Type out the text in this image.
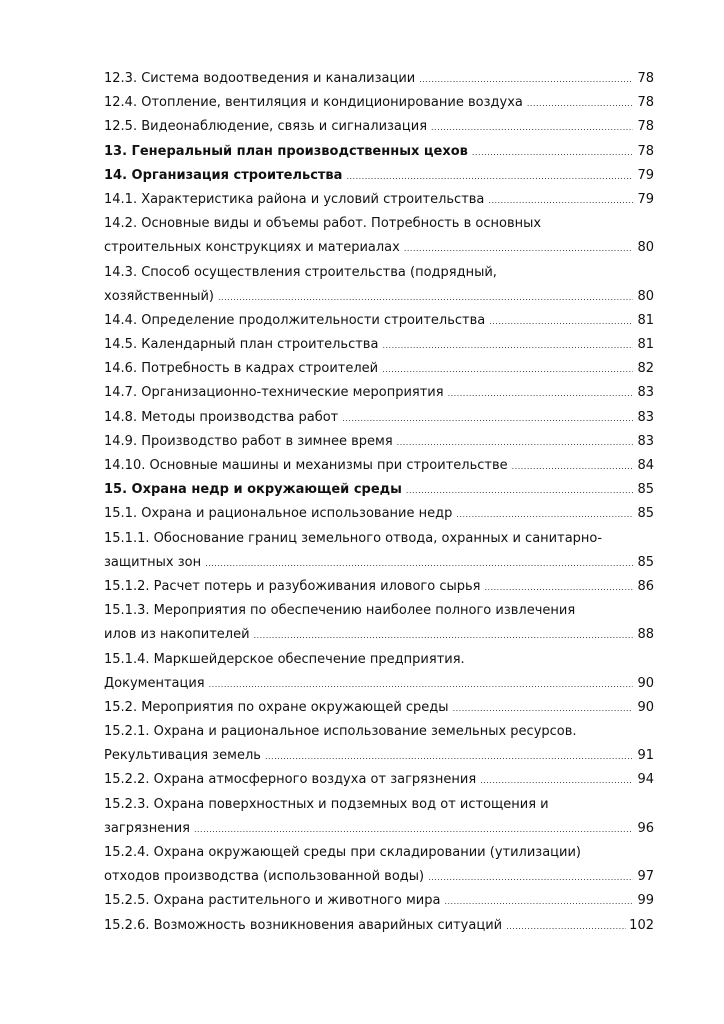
12.3. Система водоотведения и канализации .....	78
12.4. Отопление, вентиляция и кондиционирование воздуха .....	78
12.5. Видеонаблюдение, связь и сигнализация .....	78
13. Генеральный план производственных цехов .....	78
14. Организация строительства .....	79
14.1. Характеристика района и условий строительства .....	79
14.2. Основные виды и объемы работ. Потребность в основных
строительных конструкциях и материалах .....	80
14.3. Способ осуществления строительства (подрядный,
хозяйственный) .....	80
14.4. Определение продолжительности строительства .....	81
14.5. Календарный план строительства .....	81
14.6. Потребность в кадрах строителей .....	82
14.7. Организационно-технические мероприятия .....	83
14.8. Методы производства работ .....	83
14.9. Производство работ в зимнее время .....	83
14.10. Основные машины и механизмы при строительстве .....	84
15. Охрана недр и окружающей среды .....	85
15.1. Охрана и рациональное использование недр .....	85
15.1.1. Обоснование границ земельного отвода, охранных и санитарно-
защитных зон .....	85
15.1.2. Расчет потерь и разубоживания илового сырья .....	86
15.1.3. Мероприятия по обеспечению наиболее полного извлечения
илов из накопителей .....	88
15.1.4. Маркшейдерское обеспечение предприятия.
Документация .....	90
15.2. Мероприятия по охране окружающей среды .....	90
15.2.1. Охрана и рациональное использование земельных ресурсов.
Рекультивация земель .....	91
15.2.2. Охрана атмосферного воздуха от загрязнения .....	94
15.2.3. Охрана поверхностных и подземных вод от истощения и
загрязнения .....	96
15.2.4. Охрана окружающей среды при складировании (утилизации)
отходов производства (использованной воды) .....	97
15.2.5. Охрана растительного и животного мира .....	99
15.2.6. Возможность возникновения аварийных ситуаций .....	102
